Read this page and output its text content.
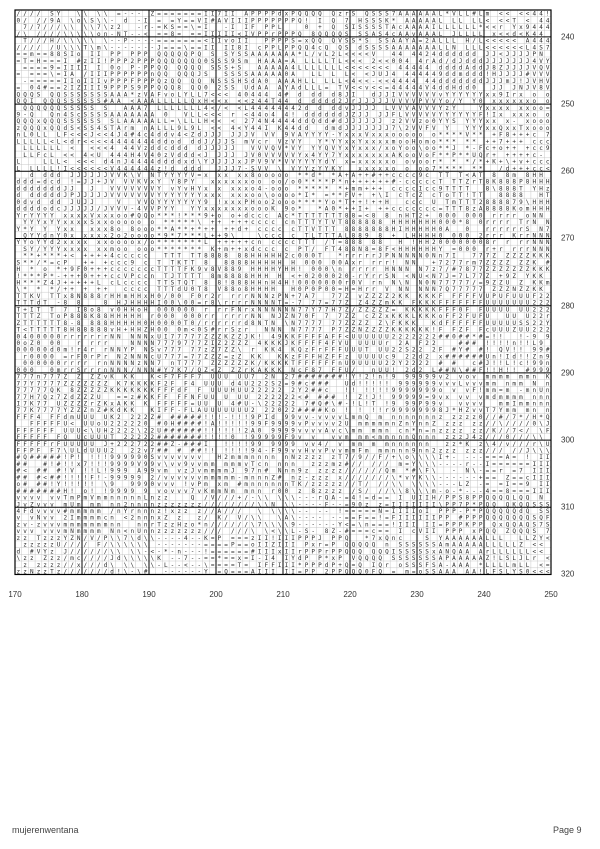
/ / / / S Y	\ \ \ \ = - - - Z = = = = = = = I I 7 I I A P P P P d x P Q Q Q Q Q z r S Q S S S 7 A A A A A A L * V L L # L m < < < < 4 4 !
0 / / / 9 A \ o \ S \ \ - d - I = = Y = = V I # A V I I I P P P P P P P Q ! I Q 7 H S S S K * A A A A A L L L L L < < < T < 4 4
7 / 7 / / / \ \ \ \ 7 \ z 2	- r - = K S = = \ = I	- I I F P P L	0 + Q S I S S S S T A c A A A A I L L L L L L * < < r Y x 9 4 4 4
/ \ / / / / \ \ \ \ \ o n - N T - - < = = 8 = = = I I I I I < I V P P r P P P Q 8 Q Q Q Q S S S A S 4 c A A v A A A L J L L L L x < < d < K 4 4
T / / / H / \ \ \ \ \ \ - - P - - - - = = = = = = = < I I v o I I	P P P P S = x Q Q Q V S S * S S S A A Y A = 2 A L L L H / L < < < < < A 4 4 4
/ / / / / U \ \ \ T \ m \ - - - - - - - J = = = \ = = I I I I 8 I c P P L P P Q Q 4 c Q Q S d S S S S A A A A A A A L L N L L L < < < < < < L 4 S 7
= = m = = 8 8 S I o I I P P P P P Q Q Q Q Q P Q S S Y S S A A A A A A A * L / v L 2 L < < < < V	4 4 4 4 2 4 d d d d d d J J < J J J J P N
= T = H = = = I # z I I ! P P P 2 P P P Q Q Q Q Q Q Q 0 S S S 9 S m H A A A = A L L L L T L < < < 2 < < 0 0 4 4 r A d / d J d d d J J J J J J J 4 V Y
= = = = 9 = I I I I I 0 o P - P P Q Q Q Q Q Q S S S + S	A A A A A 4 L L L L L L L < < < < < < < 4 4 4 4 4 d d d d A d d J 8 Z J J J J V Q V
= = = = \ = I A / I I I P P P P P P n Q Q Q Q Q J S	S S S S A A A A A 0 A	L L L L < < J U J 4 4 4 4 4 4 9 d d m d d d ! H J J J J # V V V
- = = = = = I I o I I I v P P P F P P P Q z Q Q Q Q N S S S H S d A 0 A A A H L L L L L < 4 < < - < < 4 4 4 4 4 4 d d d d d d d J J J m J ! J V H V
= 0 4 # = = 2 I Z I I I 9 P P P S 9 P P Q Q Q 8 Q Q 0 2 S S U d A A A Y A d L L L = T V < < v < < = 4 4 4 4 4 V 4 d d H d d 0	J J J N J V 8 V
Q Q Q S Q Q S S S S S S S A A A * z V A F v o L Y L L 7 < < < 4 0 4 4 4 4 # d d d d 8 J I	d J J I V V V V V V v Y Y Y Y Y Y x x 9 I r x o o
Q Q I Q Q Q S S S S S S # A A < A A A L L L L L Q x H < < x < < z 4 4 T 4 4 d d d d d 2 J r J J J J J V V V V P V V Y o / Y Y 0 x x x x x x o o
Q Q Q Q Q Q S S S S S S	A A A 7 L L L L L L L 4 < / < < L 4 4 4 4 4 4 4 2 d d d d v J J J J L V V V A V V V Y z Y	Y x x x x x x o o =
9 - Q	Q n 4 S c S S S S A A A A A A A 0	V L L < < < r < 4 4 o 4 4 ! d d d d d d J Z J J J J F L V V V V V Y Y Y Y Y Y F ! I x x x x o o
Q Q Q x Q Q Q S S S S S S S L A A A A A L L = \ L L L H < < < 2 7 4 N 4 4 4 4 d d Q d d # d J J J J J J z 2 V V z o 0 Y Y S Y Y Y x x x - x o o o
z Q Q Q x Q Q d S < S S 4 S T A r m n A L L L 9 L 9 L < < 4 < Y 4 4 I K 4 4 d d	d m d J J J J J J J 7 \ 2 V V F V Y	Y Y Y x x Q x x T x o o o
n L 0 L L L F < < < J < < 4 J 4 # 4 c 4 d d v 4 < Z d J J J J J J V V V 9 V A Y Y Y Y - Y x x x V x x x o o o o o o * * * * V * * + F 8 + + + c 7
L L L L L < L < d r < < < < 4 4 4 4 4 4 4 d d o d d d J / J J S m V c r V z V Y	Y * Y Y x x Y x x x x m o o H o m o * * * * * + + 7 + + + c c c
L L L L L L <	< < < 4 4 4 V z d d c d d d d J J J J J	V V V Q V * V Y Y Y Q V Y x Y x x x / x o Y o o \ o o * * J * - F c + o + + + c c 9
L L F c L < < 4 < U 4 4 4 H 4 V 4 0 z V d d d < J J J J J V 0 V V V V V Y x 4 Y Y 7 Y x x x x x x x A K o o V o F * * P * * U Q r + + + + + c -
L	L L L < < < < d 4 n J 4 4 4 4 d d d d x d \ Y J J J J x J P V 9 V * V V Y Y Y Y d Y x = x x x x x o o v o o r * * * / * + K + \ + v + c c c
L L L L L ! I < < < < < < V 4 4 4 4 4 4 z ! d d d d	J J J 7 - S V V \ V Y Y z Y Y K Y	x x x x x o o o o 7 * * * * * *	/ d + + + c c <
d d d d J J J J J J V V K \ V N T Y Y Y Y V = x x x x x 8 o o o o o * * d * * A + A + + # + + c c c c 9 c T T T < A T 8 8 m 8 H H
d d d = d c d ! = J J + J V V V K V x Y Y 8 P Y	x x x x x x o o o o / o 0 * * * * P * n + + + + + + # - c c c c c T T T Z r T 8 K 8 8 8 P 8 H H H
d d d d d d d J J	J	V V V V V V V Y v Y v H Y x x x x x o 4 - o o o * * * * * * + m m + + + c c c c I c c 9 T T T T	8 \ 8 8 8 T Y H z
d d d d d d J P J J J J J V V V V V V V Y Y Y Y Y Y Y x x x x x x o o \ o o o o * I * = * * F V + + \ I c T c Z c T o T T ! T T	8 8 8 8	H T
0 d v d d d J U J J	V	V V Q Y Y Y Y Y Y Y 9 ! x x x P H o o 2 o o o * * * * Y o * T + + ! + + H	c c c U T m T T T 2 8 8 8 8 7 9 \ H H H
d d d d o d c J J J J J / J V V V - 4 V V P Y Y	Y Y x x x x x x x o o o K 9 o *	* A 0 * + + I + + + c c c c c c c = T T T 8 z A 8 8 8 8 K o m H H H
Y r Y Y Y Y x x x x V x x x o o # Q Q o * * * ! * * * 9 + o o + d c c c A c * T T T T T T T 8 8 = < 8 8 n H T 2 + 0 0 0 0 0 0 r r r r o N N
Y Y Y x Y Y x x x x S x x o o o o o o * * * * * \ + + + + + c c c c c n T T T Y T V T 8 8 8 8 8 8 H H H H H H H 0 0 0 * 8 0 r r r r T r N N
Y * Y Y Y x x	x x x 8 o 8 o o o * * A * * + * + + + + d + c c c c c T T V T T T 8 8 8 8 8 8 8 H I H H H H H 0 A	0	r r r r r r S N 7
Q Y Y d n Y 0 x x x x x 2 o 2 o o o o * 9 * 7 * * * L + + 9 \	\ c c c c T L T T T A L 8 8 9 8 + L H H H H 0 0 0 0 2 r r r K r r N N N
Y Y o Y Y d 2 x x x x x x o o o o x / o * * * * * * * L + + + + + c n c c c c T T T / T = 8 8 8 8 8	H ! H H 2 0 0 0 0 0 0 0 8 r r r r N N N
S Y / Y Y Y x x x x x x m o o o o o * * * * * * * K + m + + x d c c c c P T / F T 4 8 8 N 8 = 8 F < H H H H H H Y = 0 0 0 r + r r r r N N N
* * + * * * + < + + + + 4 c c c c c	T T T T T 8 8 8 8 8 8 H H H H H 2 c 0 0 0 T	* r r r r r J P N N N N N 0 N n 7 I	7 7 7 Z Z Z Z Z K K K
S * * / * = c P	+ + + c c c 9 c T T K T T 8	8 8 8 8 H H H H H H 0 0 0 0 0 A x r r r r ! N N	+ 7 2 7 7 r m 7 Z Z Z Z Z Z K #
H * o * + 9 F 0 + + + c c c c c c c T T T T F K 9 v 8 V 8 8 9 H H H H Y H H ! 0 0 0 \ n r r r r H N N N N 7 z 7 / # 7 8 7 7 Z Z Z Z Z Z Z K K K
! * * * P * - + + + 0 + + + c c V P c c n T J T T T T 8 m 8 8 8 8 H H H H < + 0 2 0 0 0 2 0 - r Y r r S N < N U < N 7 J = 7 L 7 7 Z + 9 Z Y K K
H * * * Z 4 J + + + + + L c L c c c c T T S T Q T 8 8 ! 8 8 8 H H n H 4 H ! 0 0 0 0 0 0 0 r 0 V r n N \ N N 0 N 7 7 7 7 7 / = 9 Z Z U Z K K m
\ * * * / + + + + +	c c c c T T T d U 0 T 8 V 8 8 o 8 H H H H	H 0 P 0 P 0 0 = H = H r r V N N N N N 7 Q 7 7 7 7 7 Z Z Z N Z Z K K
T T K V T T x 8 N 8 8 8 r H H m H H x H 0 / 0 0 F 0 r 2 r r r r N N N z P N + 7 A 7	7 7 Z v Z Z Z Z 2 K K K K K F F F F F V U P U F U U U F 2 2
T T T d T - 8 8	8 H J H H H H I 0 0 \ 0 0 = r 8 \ r r r r N N N N T = - 7 7 7 = 7 7 Z Z 4 Z Z m K K F K K K F F F F F F F U U U U U U U 2 2 2
T + I T T 7 I 8 o 8 v 0 H H o H 0 0 0 0 0 0 r r r F N r x N N N N N N 7 7 Y 7 7 H 7 Z / Z Z Z Z Z = K K K K K F F F 0 F F U U U U U U 2 2 2
T T T Z T o P 8 8 8 K 8 8 H H H H H r 0 0 0 0 0 0 r r r r r r N N N J Z N 7 0 F 7 7 Z Z c Z Z x K K K L K K K o F F 2 F U F U	U U U 2 2 r
Z T T T T T T 8 - 8 8 8 8 H H H H H 0 H 0 0 0 0 T 0 / r r r r r r d 8 N T N \ N 7 7 7 7 7 7 Z Z Z Z Z \ F K K K	K d F F F F F F U U U U U S S 2 2 Y
T < T T T T T 8 H 8 8 8 8 8 v H + H H Z H 0 0 0 m < 0 S # r r S z r	N N N N 7 7 7 7 P 7 Z Z N Z Z Z Z K K K K K K ! F F Z F F c U U U Z U U 2 2 2
0 4 0 0 0 0 0 r r r r r r r N N N N N x U I 7 7 7 7 7 Z Z Z K Z Z J K ! 4 9 K K F F F F A F F < U U U U U U 2 2 2 2 2 2 2 # # 0 # # * # = ! !	! - 9 9
0 o Z 0 0 0	r r r r	N N N N 7 7 7 9 7 7 7 Z I Z 2 Z Z Z 4 K K K J K F F F F 4 F V U U U U U r 2 A F 2 2	# # # ! ! ! ! n ! ! L 9
0 0 0 0 0 d 0 m ! r 4 r r N N Y P N S v 7 7 7 7 7 z Z 7 Z Z \ r K K 4 K Q z F r F F F U U U T U U 2 2 S 2 2 2 F # Y # # ! Q V ! ! 9 9 #
r 0 0 0 0 = r F 0 r P r N 2 N N N c U 7 7 7 = 7 7 Z Z Z = z Z K K	K K z F F F H Z F F z U U U U c 9 2 2 d 2 x # # # # # # U n ! I d ! ! Z n 9
0 0 0 0 0 0 r r r r r n N N N N z N N 7 n T 7 7 7 Z Z Z Z Z Z K / K K K K T F F F F F F n U 9 U U U U 2 2 Y 2 2 2 2 # #	c # J ! ! L ! c ! 9 9 n
0 0 0	0 m r r S r r r n N N N / N N N # Y 7 K 7 / Q Z < Z Z Z r K A K K K N c F 8 7 F F U /	n U U ! 2 d 2 L # # N \ # # F ! ! H ! ! # 9 9 9
7 7 7 n 7 7 7 Z Z Z Z v K K K	K < F 7 F F F 7 U U U U U 7 2 N 2 7 # # # # # # # ! Y ! 2 ! n ! 9 9 9 9 9 9 v 2 v o v m m m m m m n K
7 7 Y 7 7 7 7 Z Z Z Z Z Z Z K 7 K K K K F 2 F F 4 U U U d 4 U 2 2 2 S 2 = 9 # c # # #	U d ! ! ! ! ! 9 9 9 9 9 9 v v v L v v v m m n m m N n
7 7 7 7 7 Q K 8 Z Z Z Z Z K K K K K K K F F F d F F U U U H U U 2 2 2 2 2 2 Y 2 # # c	! ! ! ! ! ! 9 9 9 9 9 9 9 o v v F ! m m = m - m n U n
7 7 H 7 Q z 7 Z d Z Z Z U	= = z # K K F F F F N F U U U U U 2 2 2 2 2 2 < # # # # ! Z ! J ! 9 9 9 9 9 = 9 v x v v v m d m m m m n n n
I 7 K 7 7 U Z Z Z Z r Z K x A K K K F F F F F = U U U 4 # U - \ 2 2 2 2 2 7 # Q # \ # - ! L ! T ! 9 9 9 P 9 9 v	v v v v	m m I m m n n n
7 7 K 7 7 7 7 Y Z Z Z n Z # K d K K	K I F F - F L A U U U U U U U 2 2 2 0 2 2 # # # # K o ! ! ! ! r 9 9 9 9 9 9 9 8 J * H Z v v T 7 Y m m m n n
F F F 4 F F d m U U U U K 2 2 2 2 Z # # # # # # ! ! ! - ! ! ! 9 P I d 9 9 v v - v v v v L m m Q m n n n n n n n z z z z z 0 / / # / 7 * / H * Q
F F F F F U < U U o U 2 2 2 2 2 0 # 0 H # # # # ! A ! ! ! ! ! 9 9 F 9 9 9 9 v P v v v v 2 U m m m m m n Z n Y n n Z z z z z z / / \ / / / / 0 \ J
F F F F F F U U U < \ U H 2 2 2 2 \ 2 2 U # # # # # # ! ! ! ! ! ! 2 A 0 9 9 9 9 v v v v A v c \ m m m m n c n * n = n z z z z z z / K / / 7 < / \ F
F F F F F F Q U c U U U T 2 2 2 2 2 # # # # # # # ! ! ! ! 0 ! 9 9 9 9 9 F 9 v v	v v m m m < m m n n n Q n n n z z z J 4 z / / / 0 / / / \ \
F F F F F r F U U U U U J + 2 2 2 7 2 2 # # Z - # # # I	! ! ! ! 9 9 9 9 9 9 v v 4 / v m m m m n n n n n n	z z * K z \ 4 / v / / / r \ U
F F P F F 7 \ U L d U U U 2	2 2 v 7 # # # # # ! ! ! ! ! ! 9 4 - F 9 9 v v H v v P v v m m F m m m n n n 9 n n 2 z z z z z z / / / / / J \ \ \
# Q # # # # # ! P ! ! ! ! 9 9 9 9 9 0 S v v v v v v v	H 2 m m m n n n n n N z z z z z T 7 / 9 / / F / + \ o \ \ \ \ I + - - - - = = = A = ! I I
# #	# ! # ! ! x 7 ! ! ! 9 9 9 9 V 9 9 v \ v v 9 v v m m m m m v T c n n n n	z z z m z # / / / / / m = Y \ \ \ - - - - r - - I = = = = = = I I I
# < # # # ! V ! ! L ! 9 9 9 A 9 9 v m v z J v m m m m J 9 7 n # N n n 9 z z z z z / / / / / / Q m * # \ F \	- N \ - = = r = 7 I I I
# # # < # # ! ! ! ! F ! - 9 9 9 9 9 2 / v v v v v v m m m m m - m n n n Z # n z - z z z x / / / / / / / \ * v Y K \ \ - - - - - - + = = Z = = c I I I
o # # # ! Y ! ! ! ! ! \ 9	9 9 9 0 v v v ! v P m x m # m n n n n n n T K / z z z z z / / T / / / \ \ \ \ \ \ - - - L Z - = = I = = 9 I I
# # # # # # # H ! o ! ! 9 9 9 9 9 v o v v v 7 v K m m N m m n n r 0 0 z 8 z z z z / S / / / \ \ 8 \ \ \ m - o - * - - - 4 = = 8 = = = I I I
v v v v v v T m P m V m m n n n n n L n z z	Q / V / / / + / - \ \ \ \ \ - - - r Q A - = 4 ! = d = = I U I I H / P P S 8 P P Q Q Q Q L Q Q N
J v Z v v v m U m m m n n 2 n n n n z z z z z z z / / / / / / / / \ \ N \ \ - - - - F - - = 9 0 z z = I I I I I I I \ P P 7 P * P Q Q Q K Q Q S S S
4 F d v v v v # m m m m m / n Y r n n n z ! x z z z / / A / / /	\ \ \ \ \ - - - - ! = = = = = N = I I I I o I P P P - P * P Q Q Q Q Q d Q S S
v v N v v 2 I m m m m c n < 2 n n n x Z z	z / K / V / \ \	\ A \ - - - - - - = = F = = ! = F I I I I I I P P # P P P Q Q Q Q Q Q Q S Q F
z v - z v v v m m m m m m m n n	n n r T z z H z o * n / / / / / / \ 7 \ \ \ \ 9 - - - - - - Y < = \ n = = = ! I I I I I = P P P K P P Q x Q Q A Q S 7 S
v v v v v v m N m m m m N n < n U n n z z z z z z z / / / / / / \ \ < \ \ L - S - 8 Z - # = = = c = = I c V I I P P P x P Q Q Z Q Q Q S 7
z z T z z z Y Z N / V / P \ \ 7 \ d \ \ - - - - 4 - - K = P = = = z I I ! I I I P P P J P P Q	* 7 x Q n c	S Y A A A A A A L L L	L L Z Y <
z z z z z U / / / / F / \ \ \ \ \ \ - - - - - - - = = = = P = = o I I Z I I I P x r = P Q Q Q Q Q n S S S S S S A m A A A A A L L L L L Z < <
d # V Y z J / / / / / / \ \ \ \ - < - * - n - - - ! = = = = = = # I I I x I I r P P P r P P Q Q Q Q Q Q I S S S S S x A N Q A A A r L L L L L L < <
\ z z Z z z / m c / / / / J d \ \ \ \ \ K - - 7 - - = = * = = x = I - I 4 I Y d P P * x P V Q Q Q Q S S S S S S S A P A A A A A Z ! L S L J L r <
z z z z z / / x / / / d \ \ \ \ \ - L - - < - - \ = = = = T = I F F I I I * P P P d P + Q = Q I Q r o S S S F S A - A A A * L L L L m L L < =
z z N z z T z / / / / / / / d ! \ - \ #	- - - - - - Y = Q = = = A I I I I I = P P 2 P P Q Q Q 0 F Q = m = o S S A A A A A ! L F S L Y S 0 < < <
170	180	190	200	210	220	230	240	250
240
250
260
270
280
290
300
310
320
mujerenwentana	Page 9
